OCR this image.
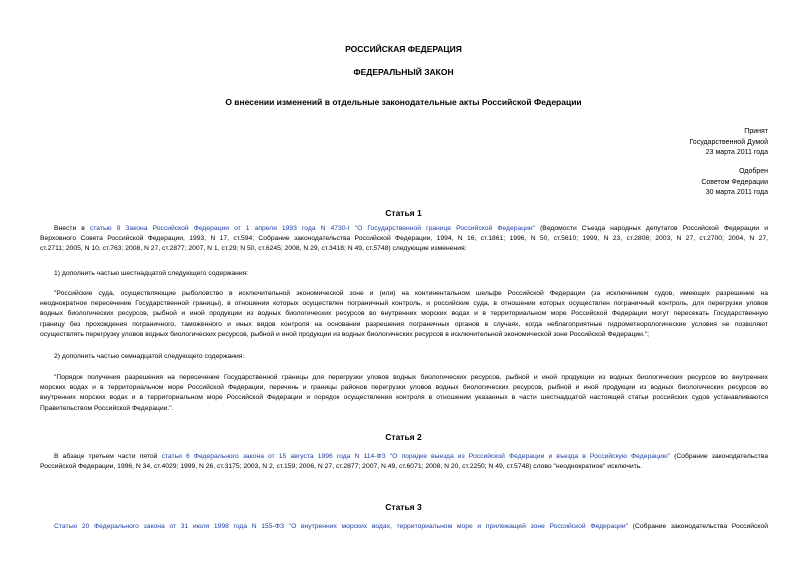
РОССИЙСКАЯ ФЕДЕРАЦИЯ
ФЕДЕРАЛЬНЫЙ ЗАКОН
О внесении изменений в отдельные законодательные акты Российской Федерации
Принят
Государственной Думой
23 марта 2011 года
Одобрен
Советом Федерации
30 марта 2011 года
Статья 1
Внести в статью 9 Закона Российской Федерации от 1 апреля 1993 года N 4730-I "О Государственной границе Российской Федерации" (Ведомости Съезда народных депутатов Российской Федерации и
Верховного Совета Российской Федерации, 1993, N 17, ст.594; Собрание законодательства Российской Федерации, 1994, N 16, ст.1861; 1996, N 50, ст.5610; 1999, N 23, ст.2808; 2003, N 27, ст.2700; 2004, N 27,
ст.2711; 2005, N 10, ст.763; 2008, N 27, ст.2877; 2007, N 1, ст.29; N 50, ст.6245; 2008, N 29, ст.3418; N 49, ст.5748) следующие изменения:
1) дополнить частью шестнадцатой следующего содержания:
"Российские суда, осуществляющие рыболовство в исключительной экономической зоне и (или) на континентальном шельфе Российской Федерации (за исключением судов, имеющих разрешение на
неоднократное пересечение Государственной границы), в отношении которых осуществлен пограничный контроль, и российские суда, в отношении которых осуществлен пограничный контроль, для перегрузки уловов
водных биологических ресурсов, рыбной и иной продукции из водных биологических ресурсов во внутренних морских водах и в территориальном море Российской Федерации могут пересекать Государственную
границу без прохождения пограничного, таможенного и иных видов контроля на основании разрешения пограничных органов в случаях, когда неблагоприятные гидрометеорологические условия не позволяют
осуществлять перегрузку уловов водных биологических ресурсов, рыбной и иной продукции из водных биологических ресурсов в исключительной экономической зоне Российской Федерации.";
2) дополнить частью семнадцатой следующего содержания:
"Порядок получения разрешения на пересечение Государственной границы для перегрузки уловов водных биологических ресурсов, рыбной и иной продукции из водных биологических ресурсов во внутренних
морских водах и в территориальном море Российской Федерации, перечень и границы районов перегрузки уловов водных биологических ресурсов, рыбной и иной продукции из водных биологических ресурсов во
внутренних морских водах и в территориальном море Российской Федерации и порядок осуществления контроля в отношении указанных в части шестнадцатой настоящей статьи российских судов устанавливаются
Правительством Российской Федерации.".
Статья 2
В абзаце третьем части пятой статьи 6 Федерального закона от 15 августа 1996 года N 114-ФЗ "О порядке выезда из Российской Федерации и въезда в Российскую Федерацию" (Собрание законодательства
Российской Федерации, 1996, N 34, ст.4029; 1999, N 26, ст.3175; 2003, N 2, ст.159; 2006, N 27, ст.2877; 2007, N 49, ст.6071; 2008, N 20, ст.2250; N 49, ст.5748) слово "неоднократное" исключить.
Статья 3
Статью 20 Федерального закона от 31 июля 1998 года N 155-ФЗ "О внутренних морских водах, территориальном море и прилежащей зоне Российской Федерации" (Собрание законодательства Российской
